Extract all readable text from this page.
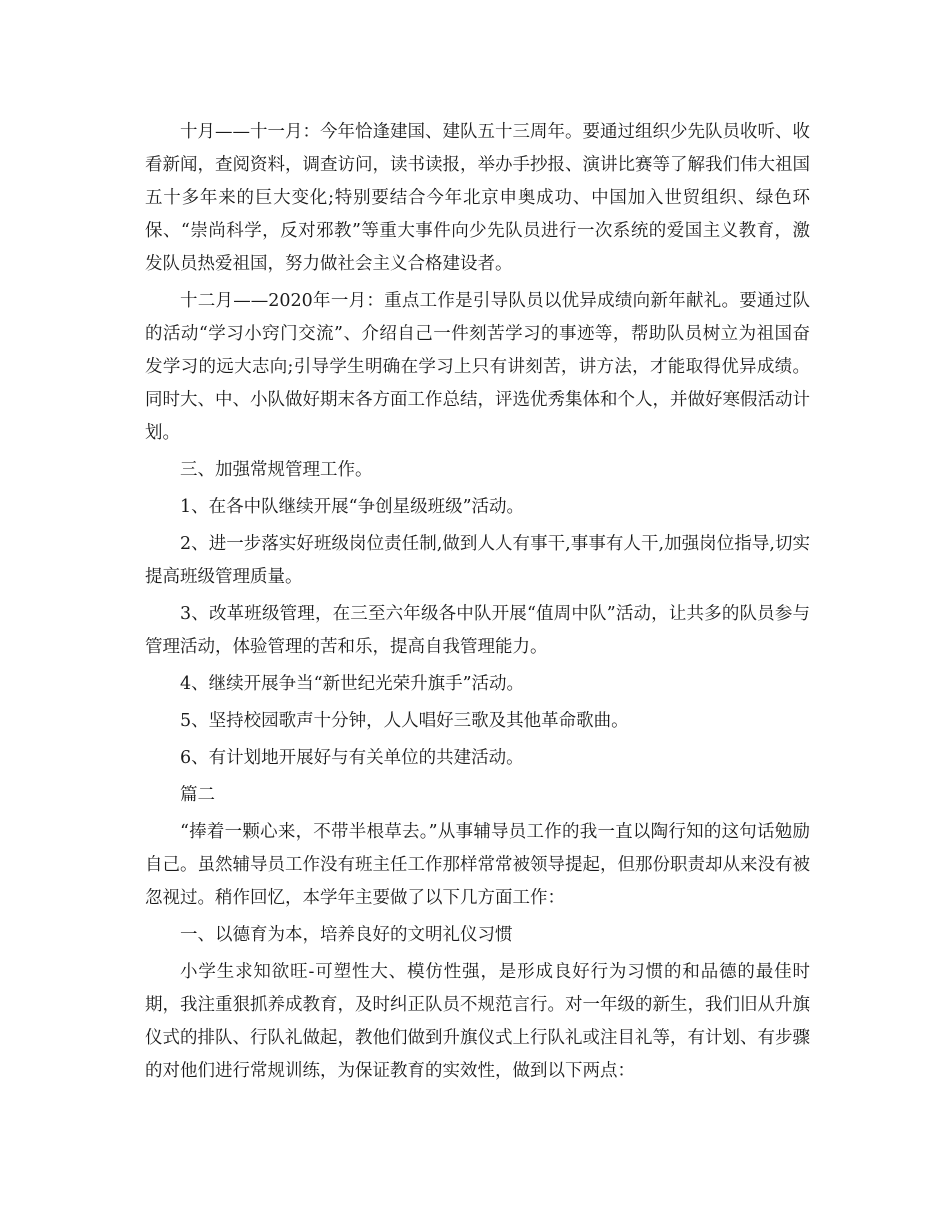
十月——十一月：今年恰逢建国、建队五十三周年。要通过组织少先队员收听、收看新闻，查阅资料，调查访问，读书读报，举办手抄报、演讲比赛等了解我们伟大祖国五十多年来的巨大变化;特别要结合今年北京申奥成功、中国加入世贸组织、绿色环保、“崇尚科学，反对邪教”等重大事件向少先队员进行一次系统的爱国主义教育，激发队员热爱祖国，努力做社会主义合格建设者。

十二月——2020年一月：重点工作是引导队员以优异成绩向新年献礼。要通过队的活动“学习小窍门交流”、介绍自己一件刻苦学习的事迹等，帮助队员树立为祖国奋发学习的远大志向;引导学生明确在学习上只有讲刻苦，讲方法，才能取得优异成绩。同时大、中、小队做好期末各方面工作总结，评选优秀集体和个人，并做好寒假活动计划。

三、加强常规管理工作。

1、在各中队继续开展“争创星级班级”活动。

2、进一步落实好班级岗位责任制,做到人人有事干,事事有人干,加强岗位指导,切实提高班级管理质量。

3、改革班级管理，在三至六年级各中队开展“值周中队”活动，让共多的队员参与管理活动，体验管理的苦和乐，提高自我管理能力。

4、继续开展争当“新世纪光荣升旗手”活动。

5、坚持校园歌声十分钟，人人唱好三歌及其他革命歌曲。

6、有计划地开展好与有关单位的共建活动。

篇二

“捧着一颗心来，不带半根草去。”从事辅导员工作的我一直以陶行知的这句话勉励自己。虽然辅导员工作没有班主任工作那样常常被领导提起，但那份职责却从来没有被忽视过。稍作回忆，本学年主要做了以下几方面工作：

一、以德育为本，培养良好的文明礼仪习惯

小学生求知欲旺-可塑性大、模仿性强，是形成良好行为习惯的和品德的最佳时期，我注重狠抓养成教育，及时纠正队员不规范言行。对一年级的新生，我们旧从升旗仪式的排队、行队礼做起，教他们做到升旗仪式上行队礼或注目礼等，有计划、有步骤的对他们进行常规训练，为保证教育的实效性，做到以下两点：
